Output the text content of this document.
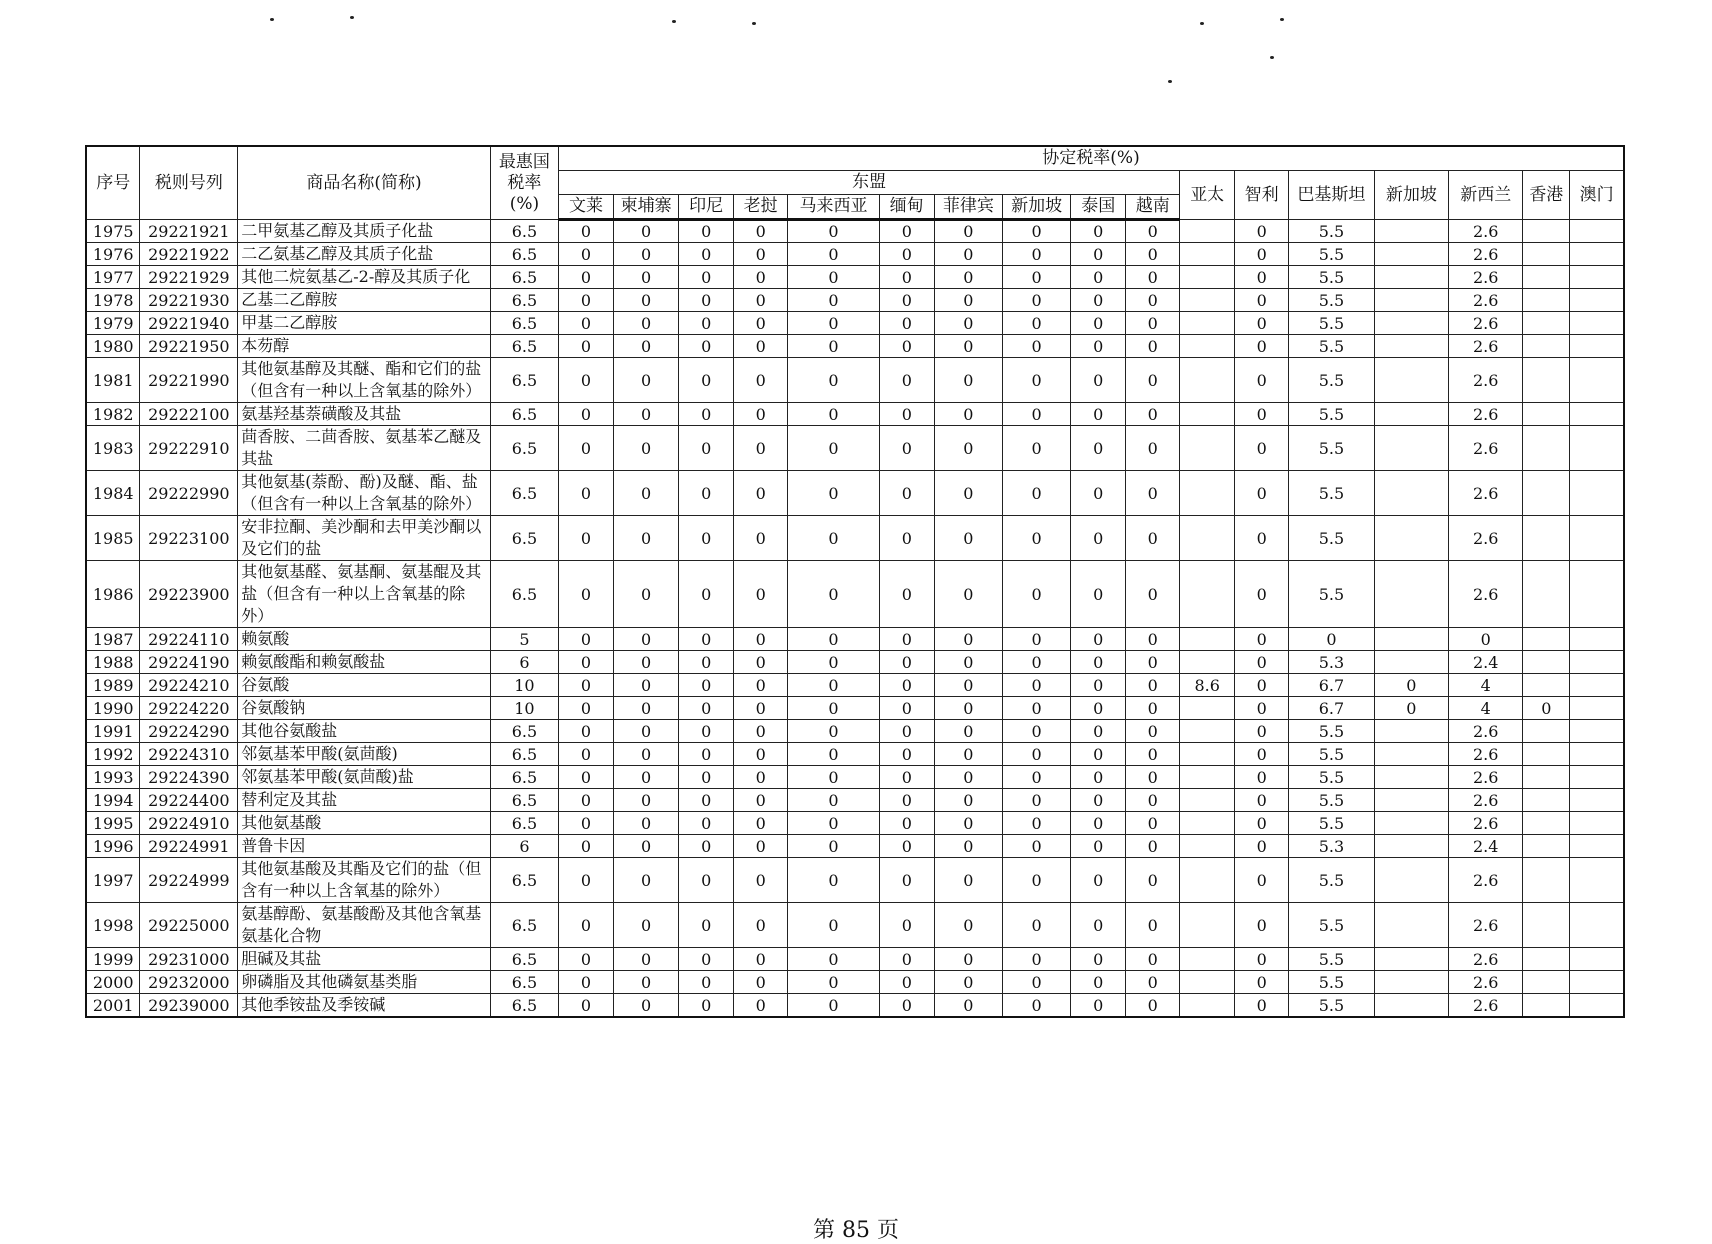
序号	税则号列	商品名称(简称)	最惠国
税率
(%)	协定税率(%)																
				东盟										亚太	智利	巴基斯坦	新加坡	新西兰	香港	澳门
				文莱	柬埔寨	印尼	老挝	马来西亚	缅甸	菲律宾	新加坡	泰国	越南							
1975	29221921	二甲氨基乙醇及其质子化盐	6.5	0	0	0	0	0	0	0	0	0	0		0	5.5		2.6		
1976	29221922	二乙氨基乙醇及其质子化盐	6.5	0	0	0	0	0	0	0	0	0	0		0	5.5		2.6		
1977	29221929	其他二烷氨基乙-2-醇及其质子化	6.5	0	0	0	0	0	0	0	0	0	0		0	5.5		2.6		
1978	29221930	乙基二乙醇胺	6.5	0	0	0	0	0	0	0	0	0	0		0	5.5		2.6		
1979	29221940	甲基二乙醇胺	6.5	0	0	0	0	0	0	0	0	0	0		0	5.5		2.6		
1980	29221950	本芴醇	6.5	0	0	0	0	0	0	0	0	0	0		0	5.5		2.6		
1981	29221990	其他氨基醇及其醚、酯和它们的盐（但含有一种以上含氧基的除外）	6.5	0	0	0	0	0	0	0	0	0	0		0	5.5		2.6		
1982	29222100	氨基羟基萘磺酸及其盐	6.5	0	0	0	0	0	0	0	0	0	0		0	5.5		2.6		
1983	29222910	茴香胺、二茴香胺、氨基苯乙醚及其盐	6.5	0	0	0	0	0	0	0	0	0	0		0	5.5		2.6		
1984	29222990	其他氨基(萘酚、酚)及醚、酯、盐（但含有一种以上含氧基的除外）	6.5	0	0	0	0	0	0	0	0	0	0		0	5.5		2.6		
1985	29223100	安非拉酮、美沙酮和去甲美沙酮以及它们的盐	6.5	0	0	0	0	0	0	0	0	0	0		0	5.5		2.6		
1986	29223900	其他氨基醛、氨基酮、氨基醌及其盐（但含有一种以上含氧基的除外）	6.5	0	0	0	0	0	0	0	0	0	0		0	5.5		2.6		
1987	29224110	赖氨酸	5	0	0	0	0	0	0	0	0	0	0		0	0		0		
1988	29224190	赖氨酸酯和赖氨酸盐	6	0	0	0	0	0	0	0	0	0	0		0	5.3		2.4		
1989	29224210	谷氨酸	10	0	0	0	0	0	0	0	0	0	0	8.6	0	6.7	0	4		
1990	29224220	谷氨酸钠	10	0	0	0	0	0	0	0	0	0	0		0	6.7	0	4	0	
1991	29224290	其他谷氨酸盐	6.5	0	0	0	0	0	0	0	0	0	0		0	5.5		2.6		
1992	29224310	邻氨基苯甲酸(氨茴酸)	6.5	0	0	0	0	0	0	0	0	0	0		0	5.5		2.6		
1993	29224390	邻氨基苯甲酸(氨茴酸)盐	6.5	0	0	0	0	0	0	0	0	0	0		0	5.5		2.6		
1994	29224400	替利定及其盐	6.5	0	0	0	0	0	0	0	0	0	0		0	5.5		2.6		
1995	29224910	其他氨基酸	6.5	0	0	0	0	0	0	0	0	0	0		0	5.5		2.6		
1996	29224991	普鲁卡因	6	0	0	0	0	0	0	0	0	0	0		0	5.3		2.4		
1997	29224999	其他氨基酸及其酯及它们的盐（但含有一种以上含氧基的除外）	6.5	0	0	0	0	0	0	0	0	0	0		0	5.5		2.6		
1998	29225000	氨基醇酚、氨基酸酚及其他含氧基氨基化合物	6.5	0	0	0	0	0	0	0	0	0	0		0	5.5		2.6		
1999	29231000	胆碱及其盐	6.5	0	0	0	0	0	0	0	0	0	0		0	5.5		2.6		
2000	29232000	卵磷脂及其他磷氨基类脂	6.5	0	0	0	0	0	0	0	0	0	0		0	5.5		2.6		
2001	29239000	其他季铵盐及季铵碱	6.5	0	0	0	0	0	0	0	0	0	0		0	5.5		2.6		
第 85 页
